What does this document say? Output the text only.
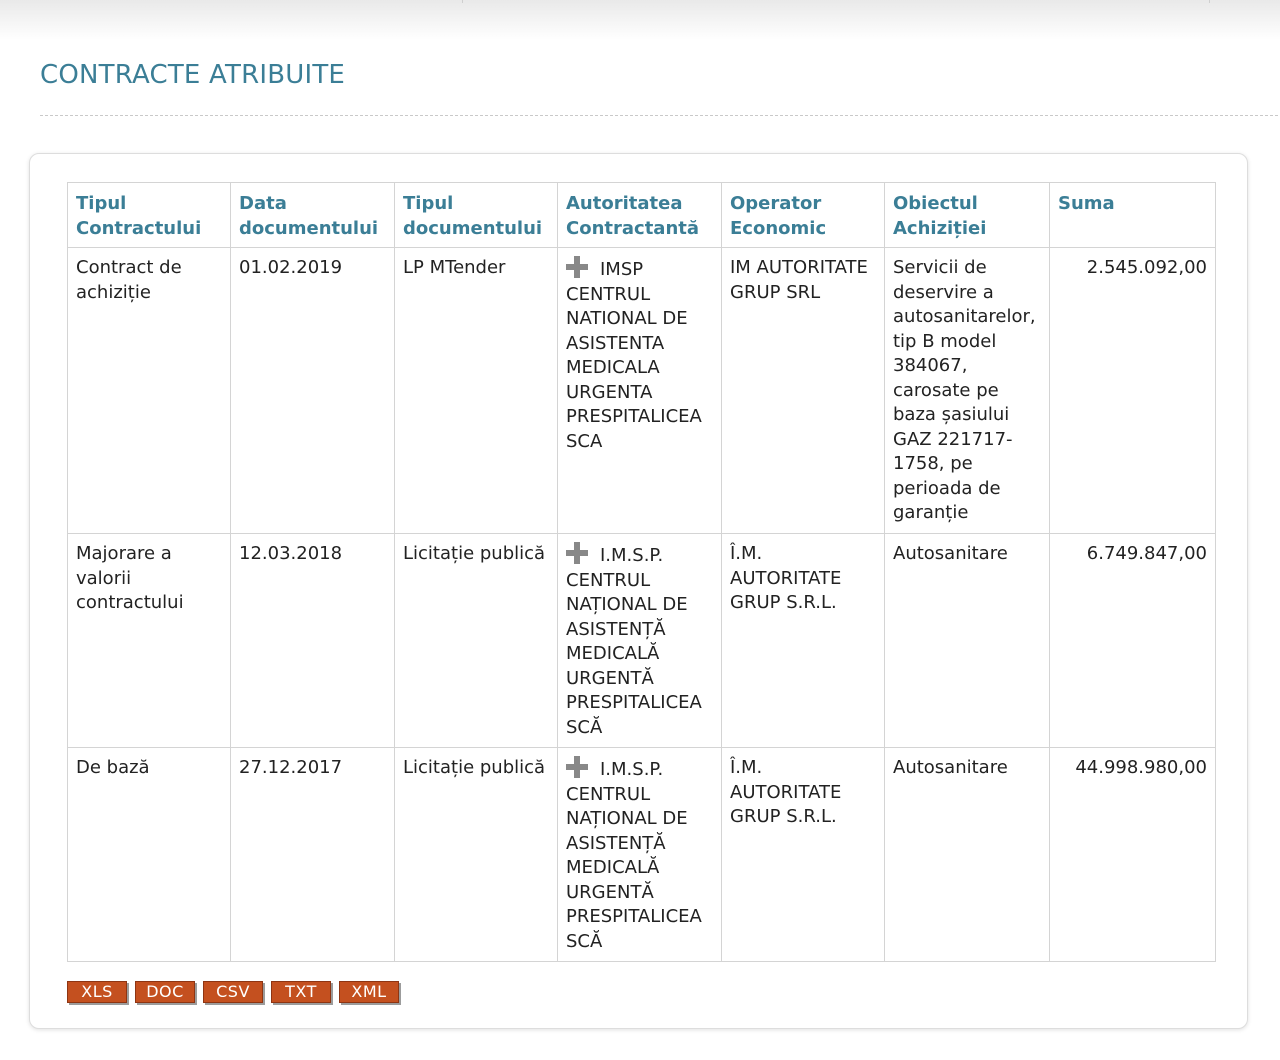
CONTRACTE ATRIBUITE
Tipul Contractului	Data documentului	Tipul documentului	Autoritatea Contractantă	Operator Economic	Obiectul Achiziției	Suma
Contract de achiziție	01.02.2019	LP MTender	IMSP CENTRUL NATIONAL DE ASISTENTA MEDICALA URGENTA PRESPITALICEA SCA	IM AUTORITATE GRUP SRL	Servicii de deservire a autosanitarelor, tip B model 384067, carosate pe baza șasiului GAZ 221717-1758, pe perioada de garanție	2.545.092,00
Majorare a valorii contractului	12.03.2018	Licitație publică	I.M.S.P. CENTRUL NAȚIONAL DE ASISTENȚĂ MEDICALĂ URGENTĂ PRESPITALICEA SCĂ	Î.M. AUTORITATE GRUP S.R.L.	Autosanitare	6.749.847,00
De bază	27.12.2017	Licitație publică	I.M.S.P. CENTRUL NAȚIONAL DE ASISTENȚĂ MEDICALĂ URGENTĂ PRESPITALICEA SCĂ	Î.M. AUTORITATE GRUP S.R.L.	Autosanitare	44.998.980,00
XLS	DOC	CSV	TXT	XML
